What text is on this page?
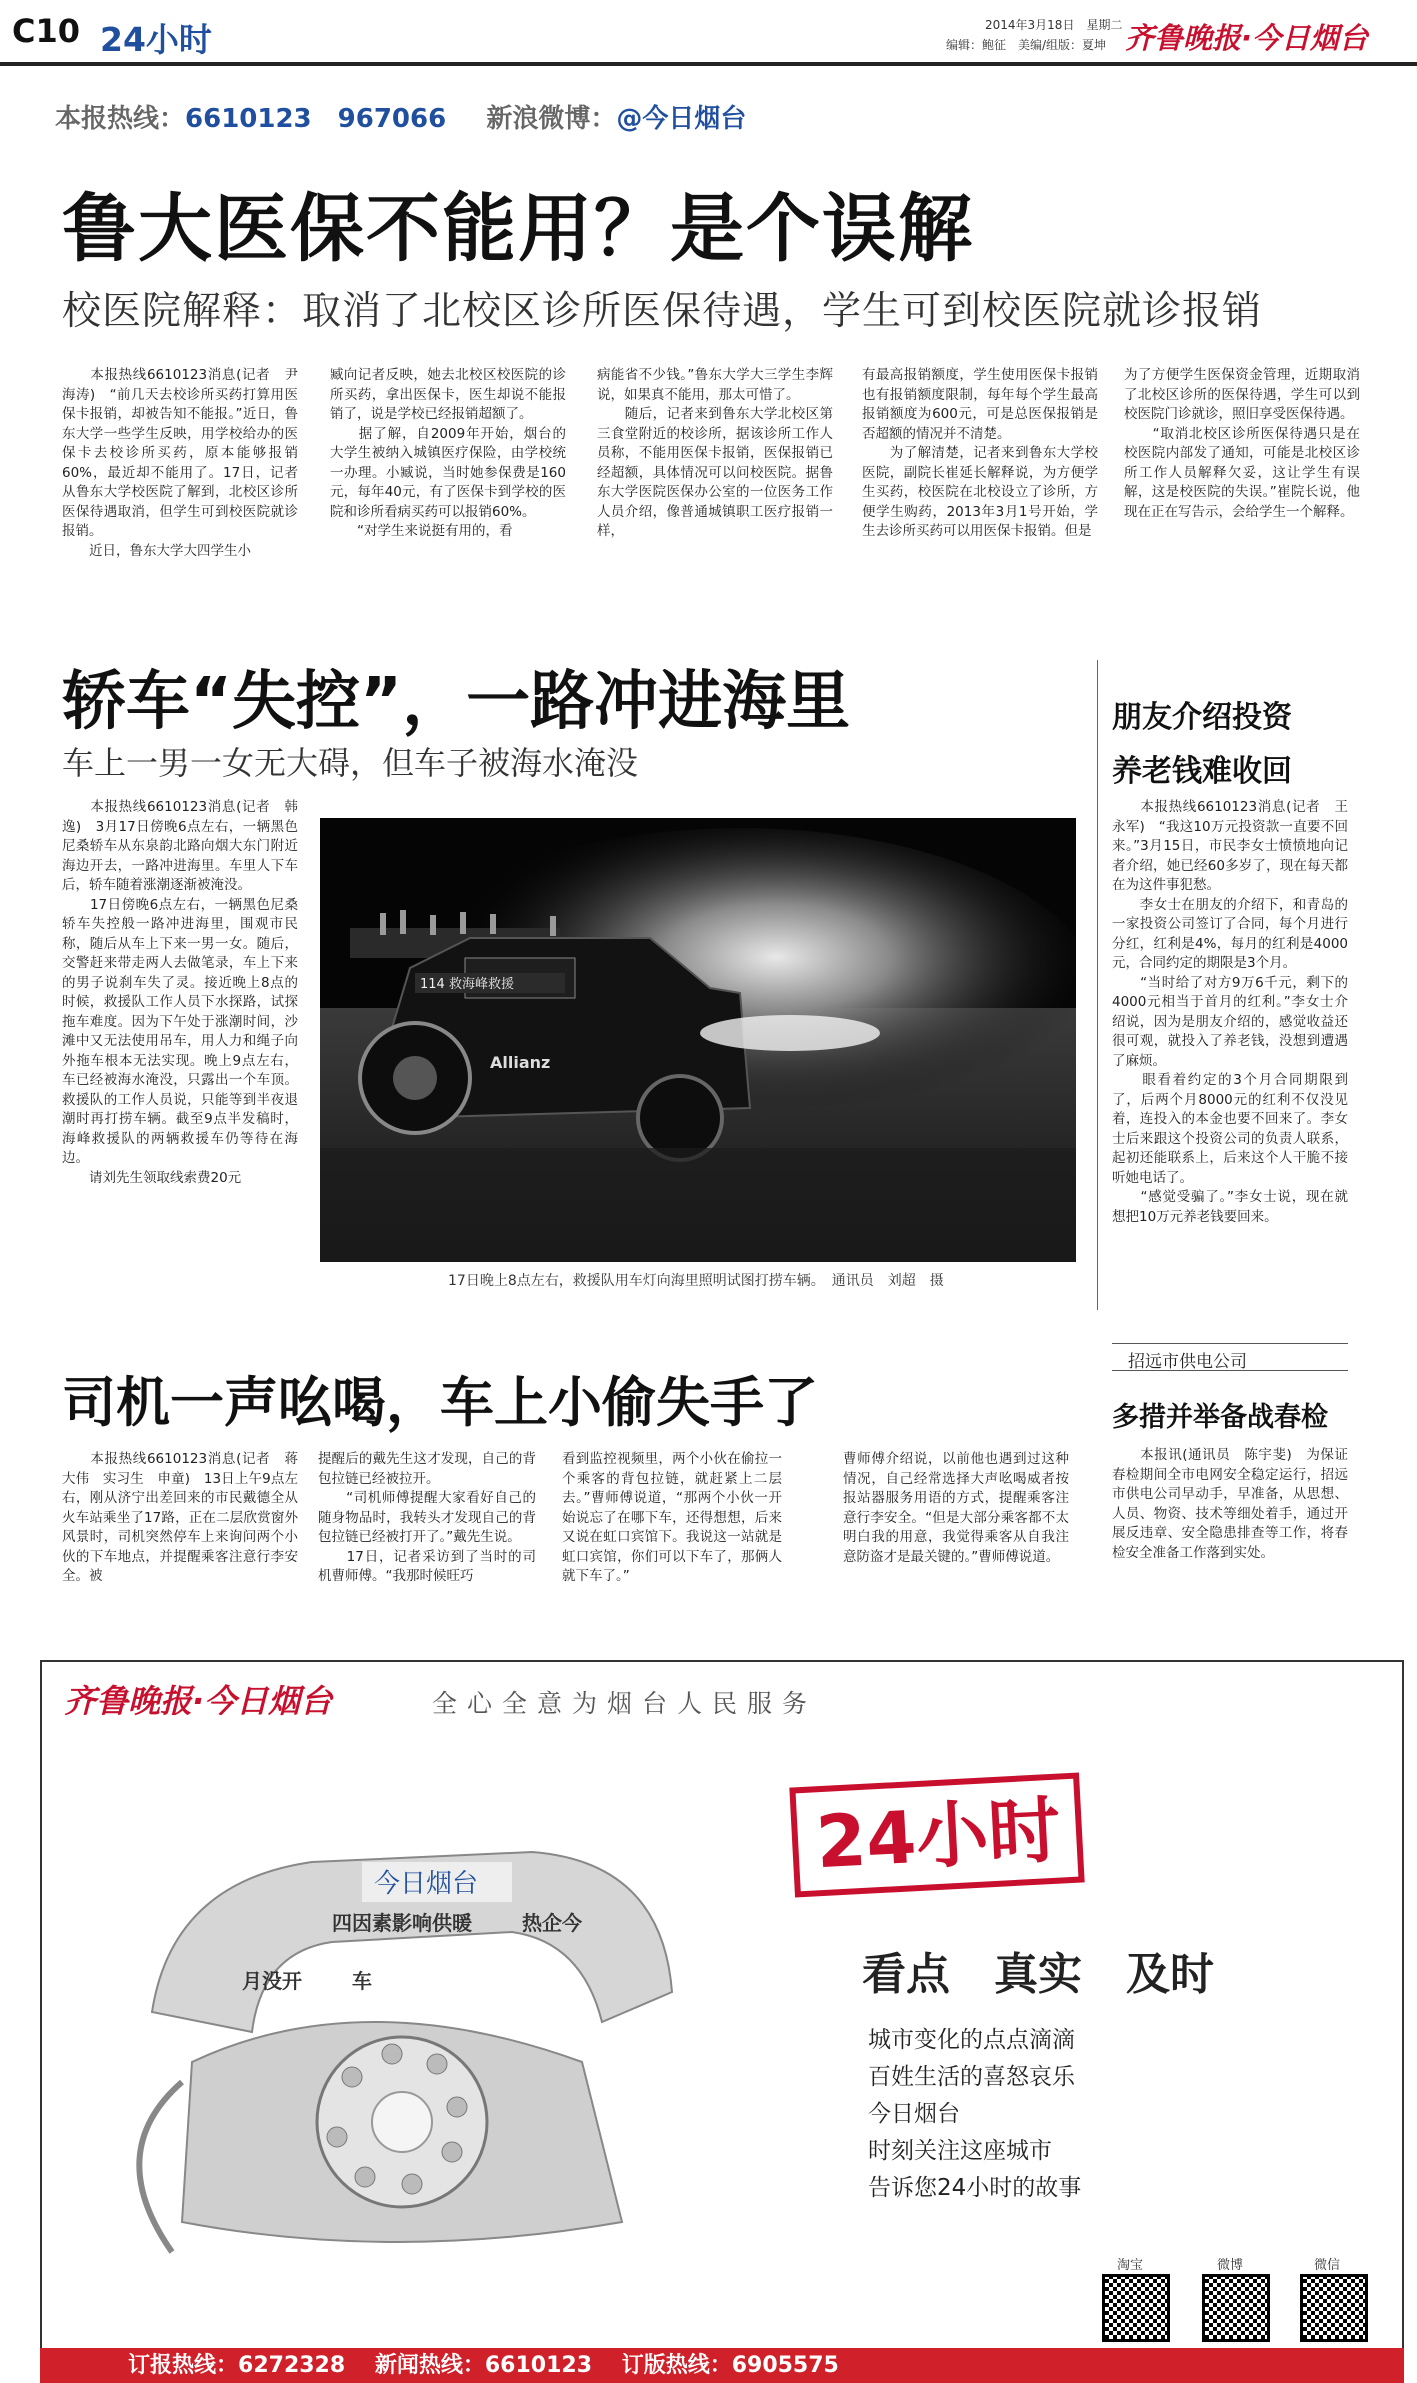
C10 24小时	2014年3月18日　星期二
编辑：鲍征　美编/组版：夏坤 齐鲁晚报·今日烟台
本报热线：6610123　967066 新浪微博：@今日烟台
鲁大医保不能用？是个误解
校医院解释：取消了北校区诊所医保待遇，学生可到校医院就诊报销
　　本报热线6610123消息(记者　尹海涛)　“前几天去校诊所买药打算用医保卡报销，却被告知不能报。”近日，鲁东大学一些学生反映，用学校给办的医保卡去校诊所买药，原本能够报销60%，最近却不能用了。17日，记者从鲁东大学校医院了解到，北校区诊所医保待遇取消，但学生可到校医院就诊报销。
　　近日，鲁东大学大四学生小
臧向记者反映，她去北校区校医院的诊所买药，拿出医保卡，医生却说不能报销了，说是学校已经报销超额了。
　　据了解，自2009年开始，烟台的大学生被纳入城镇医疗保险，由学校统一办理。小臧说，当时她参保费是160元，每年40元，有了医保卡到学校的医院和诊所看病买药可以报销60%。
　　“对学生来说挺有用的，看
病能省不少钱。”鲁东大学大三学生李辉说，如果真不能用，那太可惜了。
　　随后，记者来到鲁东大学北校区第三食堂附近的校诊所，据该诊所工作人员称，不能用医保卡报销，医保报销已经超额，具体情况可以问校医院。据鲁东大学医院医保办公室的一位医务工作人员介绍，像普通城镇职工医疗报销一样，
有最高报销额度，学生使用医保卡报销也有报销额度限制，每年每个学生最高报销额度为600元，可是总医保报销是否超额的情况并不清楚。
　　为了解清楚，记者来到鲁东大学校医院，副院长崔延长解释说，为方便学生买药，校医院在北校设立了诊所，方便学生购药，2013年3月1号开始，学生去诊所买药可以用医保卡报销。但是
为了方便学生医保资金管理，近期取消了北校区诊所的医保待遇，学生可以到校医院门诊就诊，照旧享受医保待遇。
　　“取消北校区诊所医保待遇只是在校医院内部发了通知，可能是北校区诊所工作人员解释欠妥，这让学生有误解，这是校医院的失误。”崔院长说，他现在正在写告示，会给学生一个解释。
轿车“失控”，一路冲进海里
车上一男一女无大碍，但车子被海水淹没
　　本报热线6610123消息(记者　韩逸)　3月17日傍晚6点左右，一辆黑色尼桑轿车从东泉韵北路向烟大东门附近海边开去，一路冲进海里。车里人下车后，轿车随着涨潮逐渐被淹没。
　　17日傍晚6点左右，一辆黑色尼桑轿车失控般一路冲进海里，围观市民称，随后从车上下来一男一女。随后，交警赶来带走两人去做笔录，车上下来的男子说刹车失了灵。接近晚上8点的时候，救援队工作人员下水探路，试探拖车难度。因为下午处于涨潮时间，沙滩中又无法使用吊车，用人力和绳子向外拖车根本无法实现。晚上9点左右，车已经被海水淹没，只露出一个车顶。救援队的工作人员说，只能等到半夜退潮时再打捞车辆。截至9点半发稿时，海峰救援队的两辆救援车仍等待在海边。
　　请刘先生领取线索费20元
114 救海峰救援
Allianz
17日晚上8点左右，救援队用车灯向海里照明试图打捞车辆。　通讯员　刘超　摄
朋友介绍投资
养老钱难收回
　　本报热线6610123消息(记者　王永军)　“我这10万元投资款一直要不回来。”3月15日，市民李女士愤愤地向记者介绍，她已经60多岁了，现在每天都在为这件事犯愁。
　　李女士在朋友的介绍下，和青岛的一家投资公司签订了合同，每个月进行分红，红利是4%，每月的红利是4000元，合同约定的期限是3个月。
　　“当时给了对方9万6千元，剩下的4000元相当于首月的红利。”李女士介绍说，因为是朋友介绍的，感觉收益还很可观，就投入了养老钱，没想到遭遇了麻烦。
　　眼看着约定的3个月合同期限到了，后两个月8000元的红利不仅没见着，连投入的本金也要不回来了。李女士后来跟这个投资公司的负责人联系，起初还能联系上，后来这个人干脆不接听她电话了。
　　“感觉受骗了。”李女士说，现在就想把10万元养老钱要回来。
司机一声吆喝，车上小偷失手了
　　本报热线6610123消息(记者　蒋大伟　实习生　申童)　13日上午9点左右，刚从济宁出差回来的市民戴德全从火车站乘坐了17路，正在二层欣赏窗外风景时，司机突然停车上来询问两个小伙的下车地点，并提醒乘客注意行李安全。被
提醒后的戴先生这才发现，自己的背包拉链已经被拉开。
　　“司机师傅提醒大家看好自己的随身物品时，我转头才发现自己的背包拉链已经被打开了。”戴先生说。
　　17日，记者采访到了当时的司机曹师傅。“我那时候旺巧
看到监控视频里，两个小伙在偷拉一个乘客的背包拉链，就赶紧上二层去。”曹师傅说道，“那两个小伙一开始说忘了在哪下车，还得想想，后来又说在虹口宾馆下。我说这一站就是虹口宾馆，你们可以下车了，那俩人就下车了。”
曹师傅介绍说，以前他也遇到过这种情况，自己经常选择大声吆喝威者按报站器服务用语的方式，提醒乘客注意行李安全。“但是大部分乘客都不太明白我的用意，我觉得乘客从自我注意防盗才是最关键的。”曹师傅说道。
招远市供电公司
多措并举备战春检
　　本报讯(通讯员　陈宇斐)　为保证春检期间全市电网安全稳定运行，招远市供电公司早动手，早准备，从思想、人员、物资、技术等细处着手，通过开展反违章、安全隐患排查等工作，将春检安全准备工作落到实处。
齐鲁晚报·今日烟台	全心全意为烟台人民服务
今日烟台
四因素影响供暖	热企今
月没开	车
24小时
看点　真实　及时
城市变化的点点滴滴
百姓生活的喜怒哀乐
今日烟台
时刻关注这座城市
告诉您24小时的故事
淘宝	微博	微信
订报热线：6272328 新闻热线：6610123 订版热线：6905575
